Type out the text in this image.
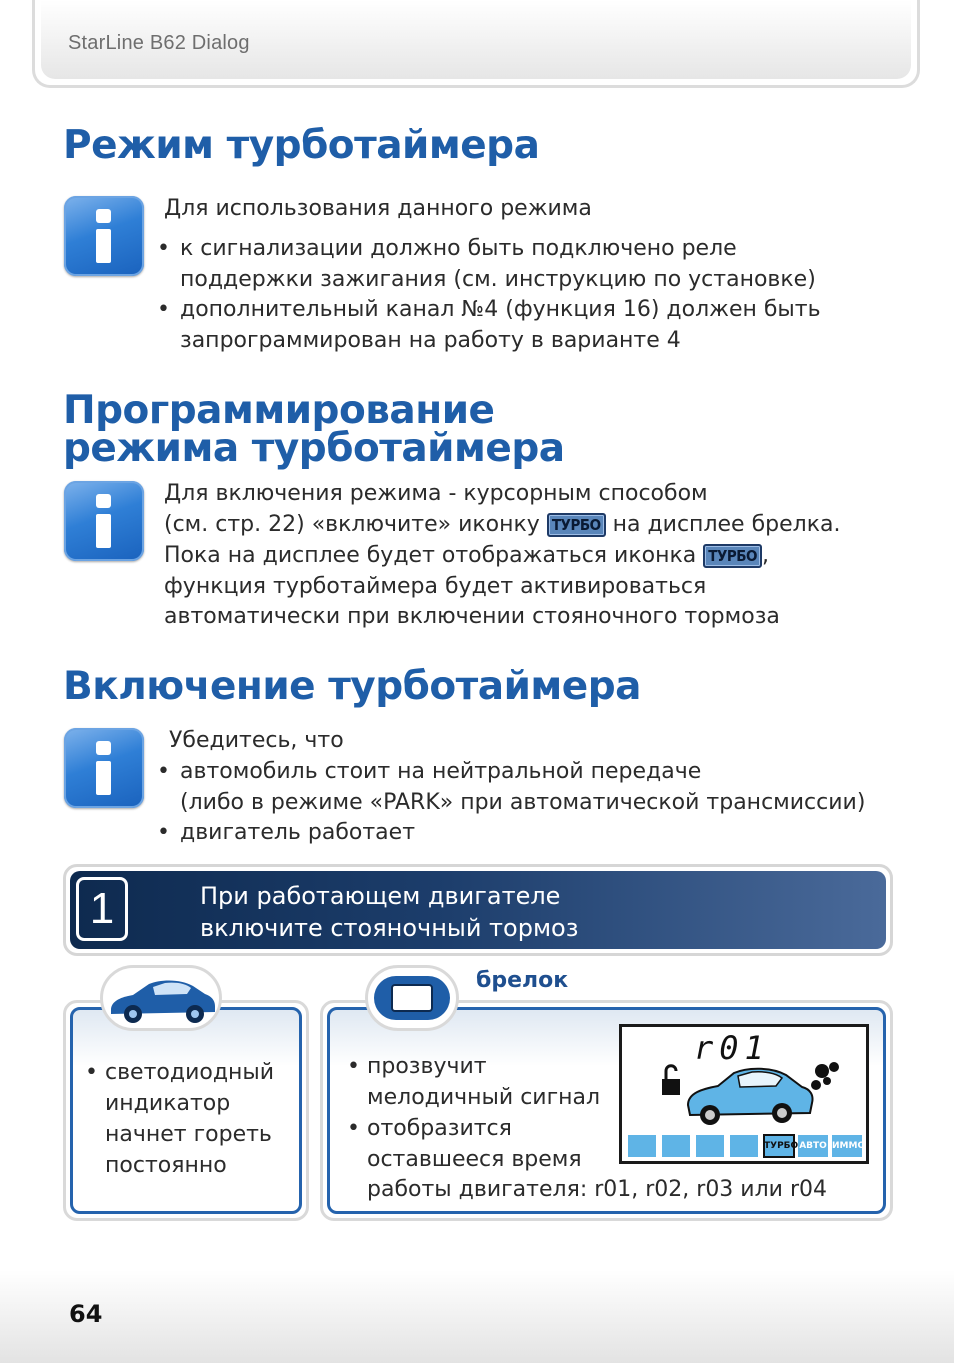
StarLine B62 Dialog
Режим турботаймера
Для использования данного режима
• к сигнализации должно быть подключено реле
поддержки зажигания (см. инструкцию по установке)
• дополнительный канал №4 (функция 16) должен быть
запрограммирован на работу в варианте 4
Программирование
режима турботаймера
Для включения режима - курсорным способом
(см. стр. 22) «включите» иконку ТУРБО на дисплее брелка.
Пока на дисплее будет отображаться иконка ТУРБО ,
функция турботаймера будет активироваться
автоматически при включении стояночного тормоза
Включение турботаймера
Убедитесь, что
• автомобиль стоит на нейтральной передаче
(либо в режиме «PARK» при автоматической трансмиссии)
• двигатель работает
1	При работающем двигателе
включите стояночный тормоз
• светодиодный
индикатор
начнет гореть
постоянно
• прозвучит
мелодичный сигнал
• отобразится
оставшееся время
работы двигателя: r01, r02, r03 или r04
брелок
r01
ТУРБО АВТО ИММО
64
